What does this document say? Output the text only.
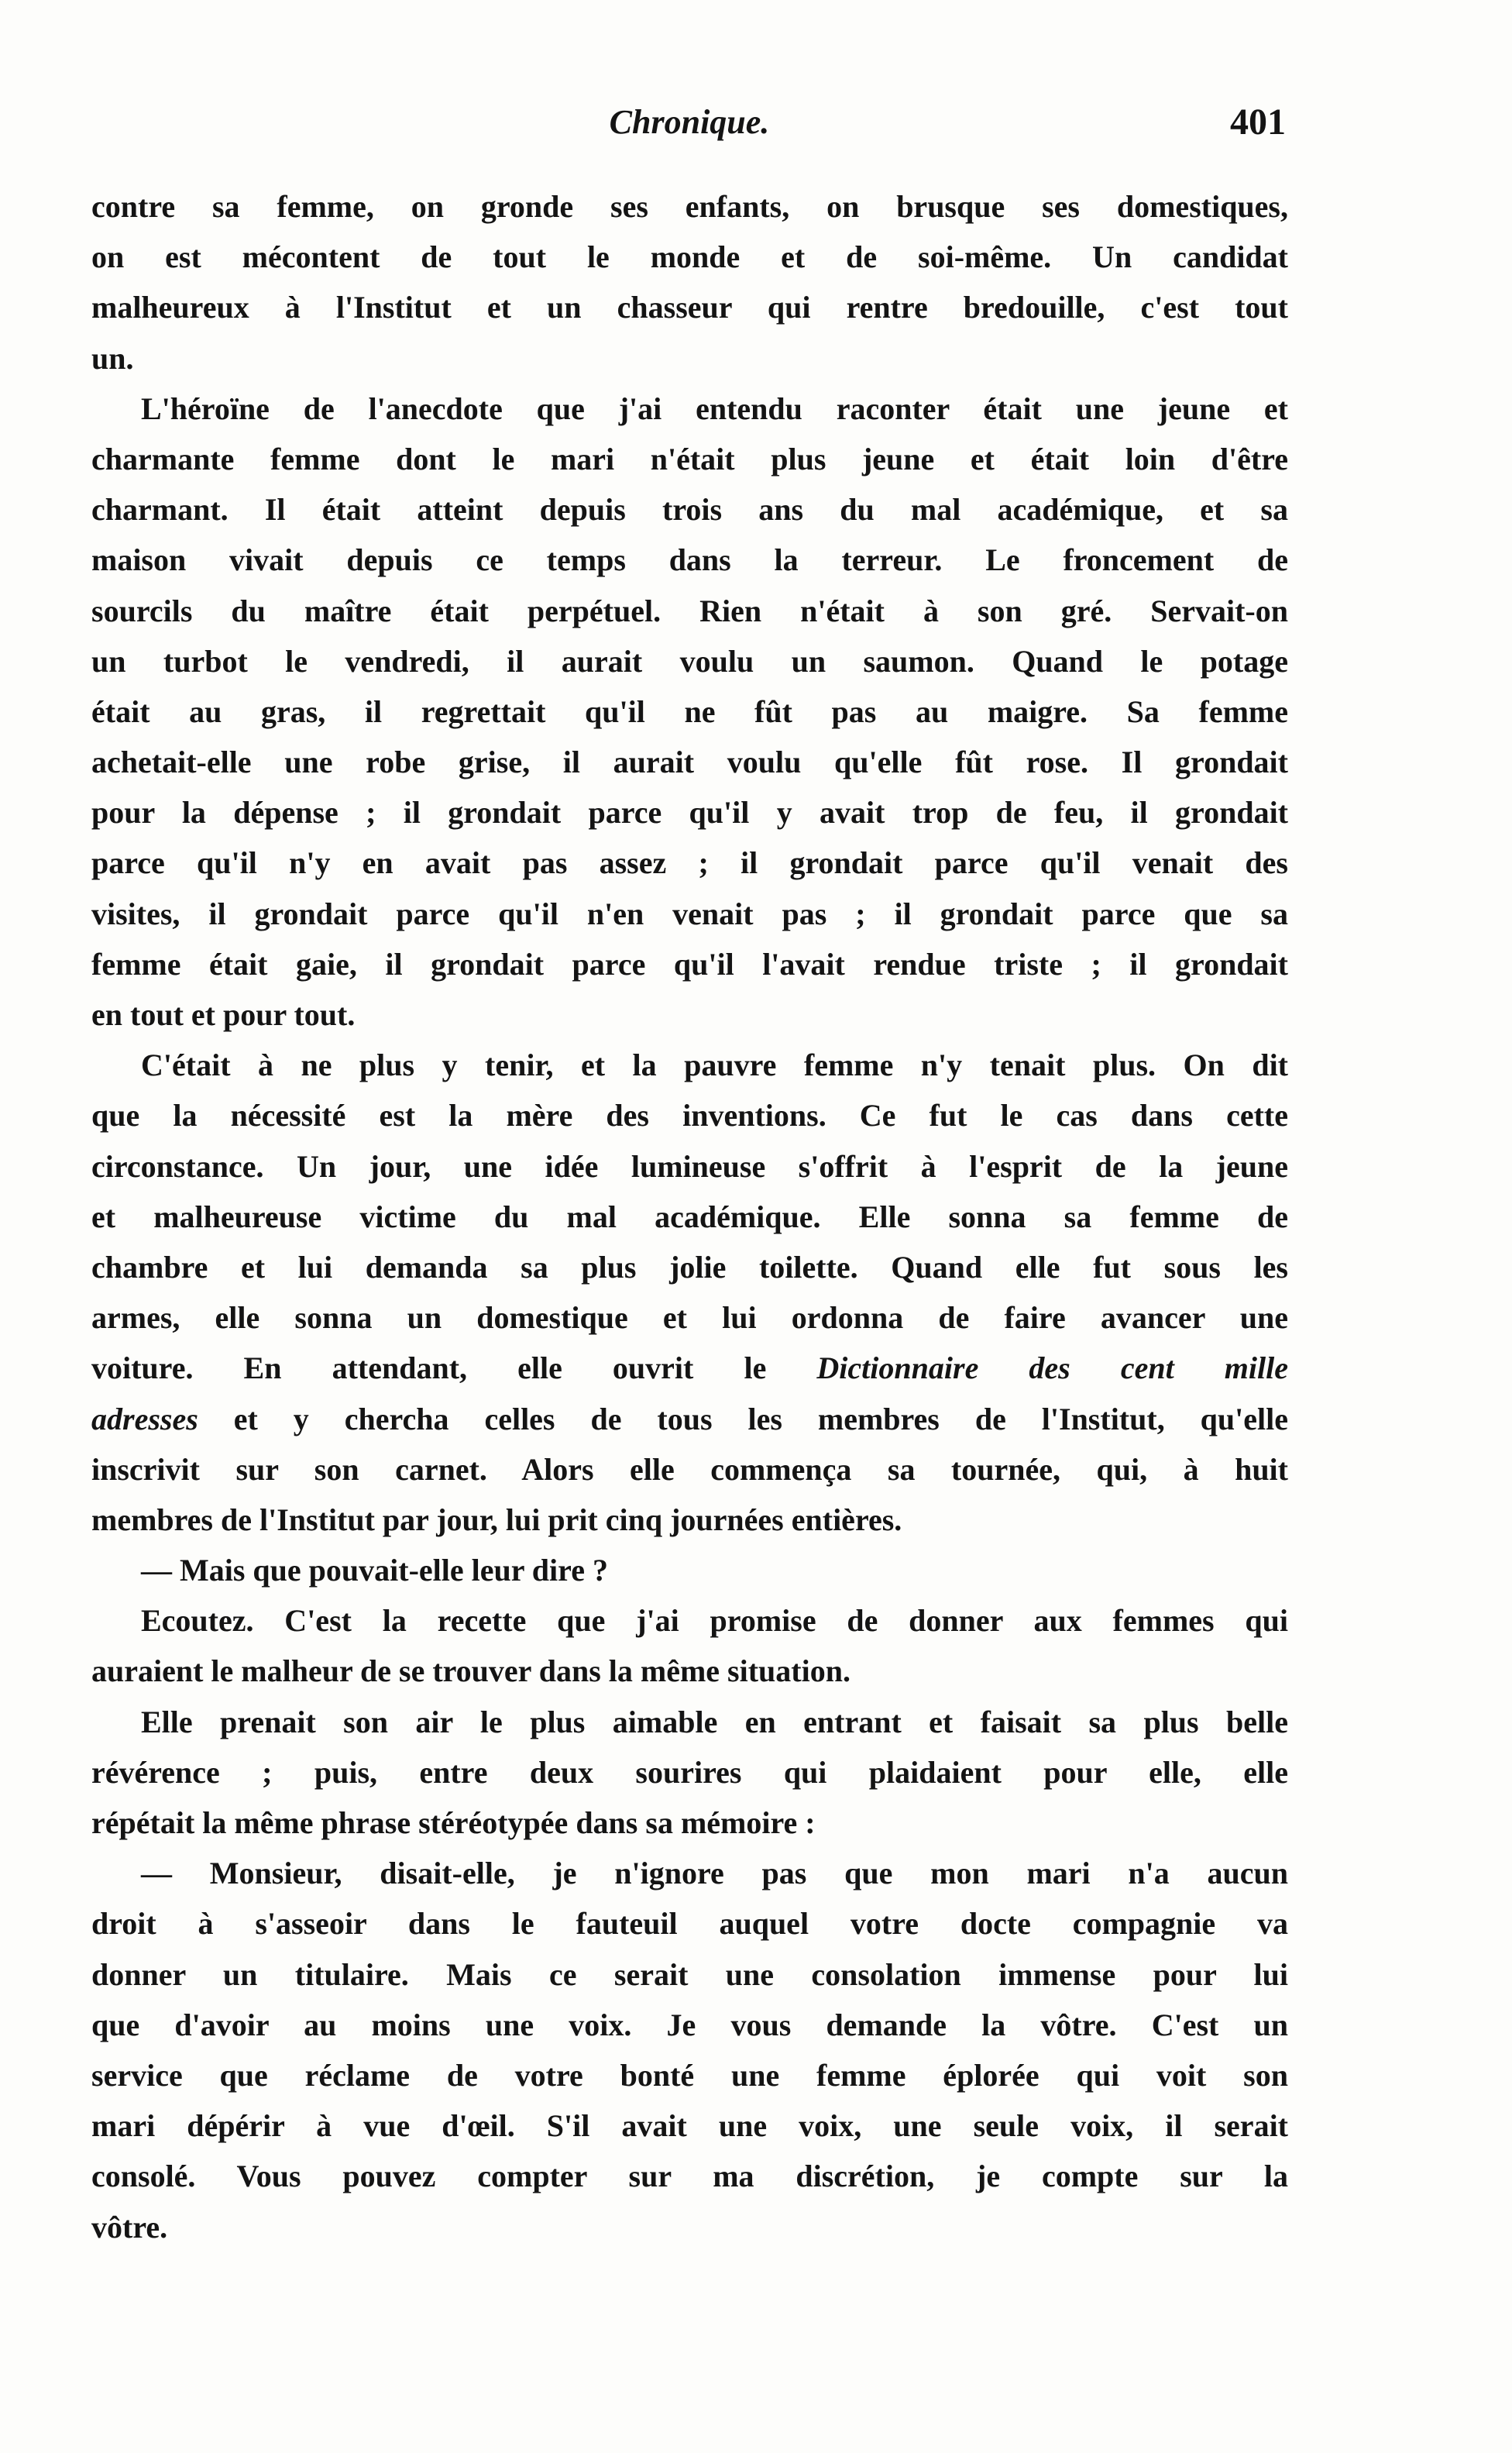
Chronique.	401
contre sa femme, on gronde ses enfants, on brusque ses domestiques,
on est mécontent de tout le monde et de soi-même. Un candidat
malheureux à l'Institut et un chasseur qui rentre bredouille, c'est tout
un.
L'héroïne de l'anecdote que j'ai entendu raconter était une jeune et
charmante femme dont le mari n'était plus jeune et était loin d'être
charmant. Il était atteint depuis trois ans du mal académique, et sa
maison vivait depuis ce temps dans la terreur. Le froncement de
sourcils du maître était perpétuel. Rien n'était à son gré. Servait-on
un turbot le vendredi, il aurait voulu un saumon. Quand le potage
était au gras, il regrettait qu'il ne fût pas au maigre. Sa femme
achetait-elle une robe grise, il aurait voulu qu'elle fût rose. Il grondait
pour la dépense ; il grondait parce qu'il y avait trop de feu, il grondait
parce qu'il n'y en avait pas assez ; il grondait parce qu'il venait des
visites, il grondait parce qu'il n'en venait pas ; il grondait parce que sa
femme était gaie, il grondait parce qu'il l'avait rendue triste ; il grondait
en tout et pour tout.
C'était à ne plus y tenir, et la pauvre femme n'y tenait plus. On dit
que la nécessité est la mère des inventions. Ce fut le cas dans cette
circonstance. Un jour, une idée lumineuse s'offrit à l'esprit de la jeune
et malheureuse victime du mal académique. Elle sonna sa femme de
chambre et lui demanda sa plus jolie toilette. Quand elle fut sous les
armes, elle sonna un domestique et lui ordonna de faire avancer une
voiture. En attendant, elle ouvrit le Dictionnaire des cent mille
adresses et y chercha celles de tous les membres de l'Institut, qu'elle
inscrivit sur son carnet. Alors elle commença sa tournée, qui, à huit
membres de l'Institut par jour, lui prit cinq journées entières.
— Mais que pouvait-elle leur dire ?
Ecoutez. C'est la recette que j'ai promise de donner aux femmes qui
auraient le malheur de se trouver dans la même situation.
Elle prenait son air le plus aimable en entrant et faisait sa plus belle
révérence ; puis, entre deux sourires qui plaidaient pour elle, elle
répétait la même phrase stéréotypée dans sa mémoire :
— Monsieur, disait-elle, je n'ignore pas que mon mari n'a aucun
droit à s'asseoir dans le fauteuil auquel votre docte compagnie va
donner un titulaire. Mais ce serait une consolation immense pour lui
que d'avoir au moins une voix. Je vous demande la vôtre. C'est un
service que réclame de votre bonté une femme éplorée qui voit son
mari dépérir à vue d'œil. S'il avait une voix, une seule voix, il serait
consolé. Vous pouvez compter sur ma discrétion, je compte sur la
vôtre.
